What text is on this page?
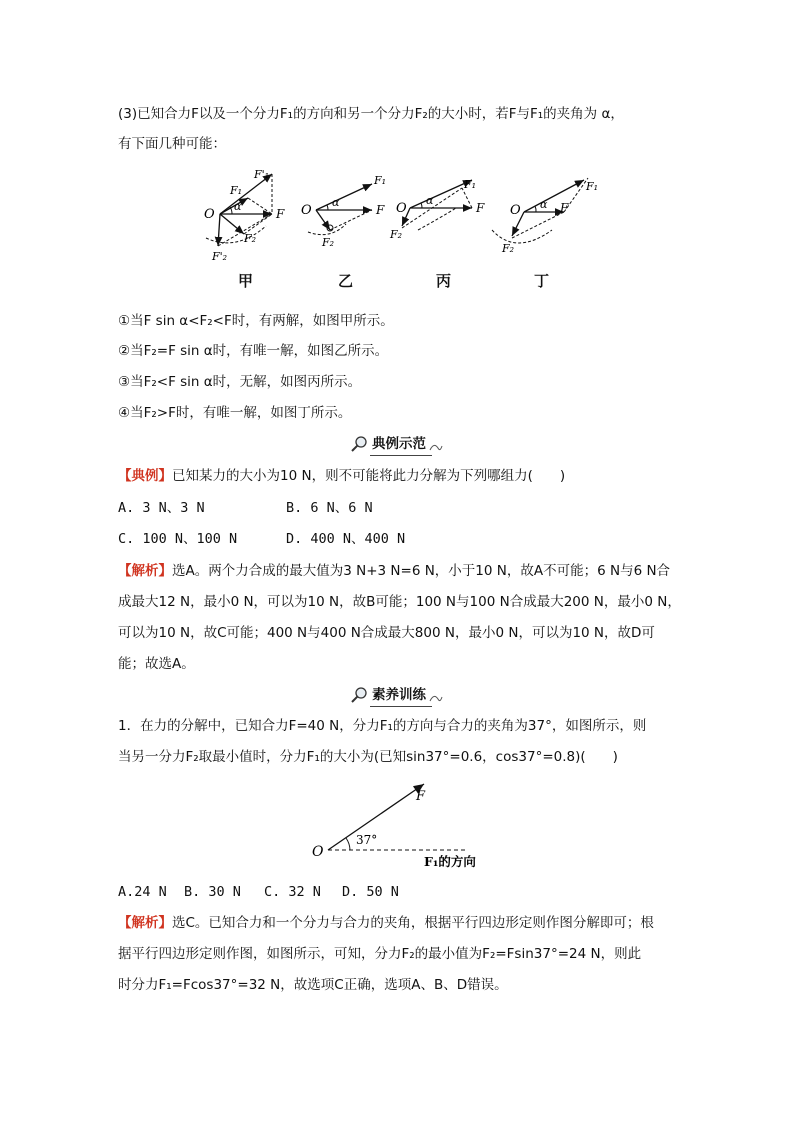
(3)已知合力F以及一个分力F₁的方向和另一个分力F₂的大小时，若F与F₁的夹角为 α，
有下面几种可能：
O	F
F'₁
F₁
α
F₂
F'₂
O	F
F₁
α
F₂
O	F
F₁
α
F₂
O	F
F₁
α
F₂
甲	乙	丙	丁
①当F sin α<F₂<F时，有两解，如图甲所示。
②当F₂=F sin α时，有唯一解，如图乙所示。
③当F₂<F sin α时，无解，如图丙所示。
④当F₂>F时，有唯一解，如图丁所示。
典例示范
【典例】已知某力的大小为10 N，则不可能将此力分解为下列哪组力(　　)
A. 3 N、3 N	B. 6 N、6 N
C. 100 N、100 N	D. 400 N、400 N
【解析】选A。两个力合成的最大值为3 N+3 N=6 N，小于10 N，故A不可能；6 N与6 N合
成最大12 N，最小0 N，可以为10 N，故B可能；100 N与100 N合成最大200 N，最小0 N，
可以为10 N，故C可能；400 N与400 N合成最大800 N，最小0 N，可以为10 N，故D可
能；故选A。
素养训练
1．在力的分解中，已知合力F=40 N，分力F₁的方向与合力的夹角为37°，如图所示，则
当另一分力F₂取最小值时，分力F₁的大小为(已知sin37°=0.6，cos37°=0.8)(　　)
O
F
37°
F₁的方向
A.24 N B. 30 N C. 32 N D. 50 N
【解析】选C。已知合力和一个分力与合力的夹角，根据平行四边形定则作图分解即可；根
据平行四边形定则作图，如图所示，可知，分力F₂的最小值为F₂=Fsin37°=24 N，则此
时分力F₁=Fcos37°=32 N，故选项C正确，选项A、B、D错误。
